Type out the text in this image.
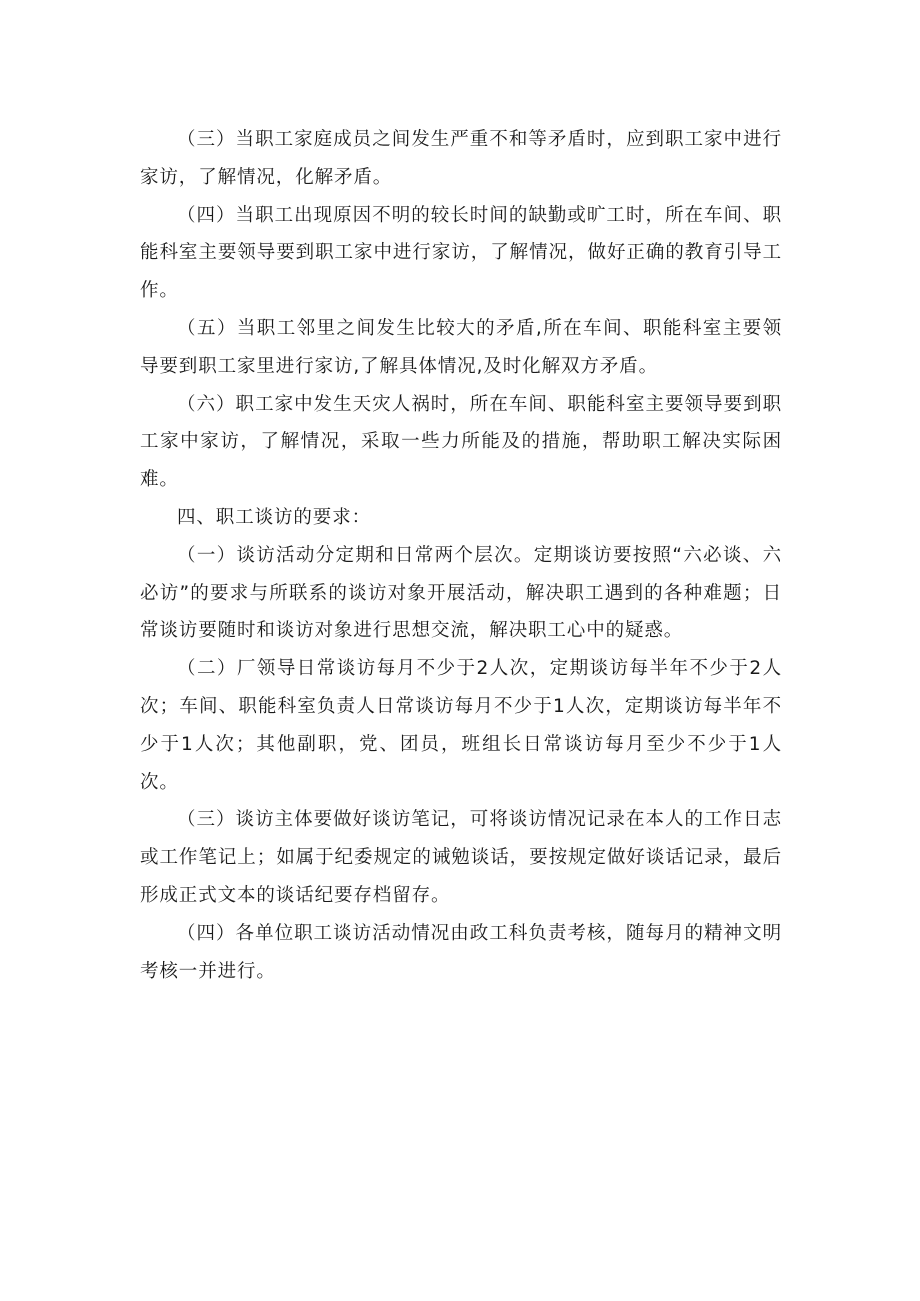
（三）当职工家庭成员之间发生严重不和等矛盾时，应到职工家中进行家访，了解情况，化解矛盾。

（四）当职工出现原因不明的较长时间的缺勤或旷工时，所在车间、职能科室主要领导要到职工家中进行家访，了解情况，做好正确的教育引导工作。

（五）当职工邻里之间发生比较大的矛盾,所在车间、职能科室主要领导要到职工家里进行家访,了解具体情况,及时化解双方矛盾。

（六）职工家中发生天灾人祸时，所在车间、职能科室主要领导要到职工家中家访，了解情况，采取一些力所能及的措施，帮助职工解决实际困难。

四、职工谈访的要求：

（一）谈访活动分定期和日常两个层次。定期谈访要按照“六必谈、六必访”的要求与所联系的谈访对象开展活动，解决职工遇到的各种难题；日常谈访要随时和谈访对象进行思想交流，解决职工心中的疑惑。

（二）厂领导日常谈访每月不少于2人次，定期谈访每半年不少于2人次；车间、职能科室负责人日常谈访每月不少于1人次，定期谈访每半年不少于1人次；其他副职，党、团员，班组长日常谈访每月至少不少于1人次。

（三）谈访主体要做好谈访笔记，可将谈访情况记录在本人的工作日志或工作笔记上；如属于纪委规定的诫勉谈话，要按规定做好谈话记录，最后形成正式文本的谈话纪要存档留存。

（四）各单位职工谈访活动情况由政工科负责考核，随每月的精神文明考核一并进行。
